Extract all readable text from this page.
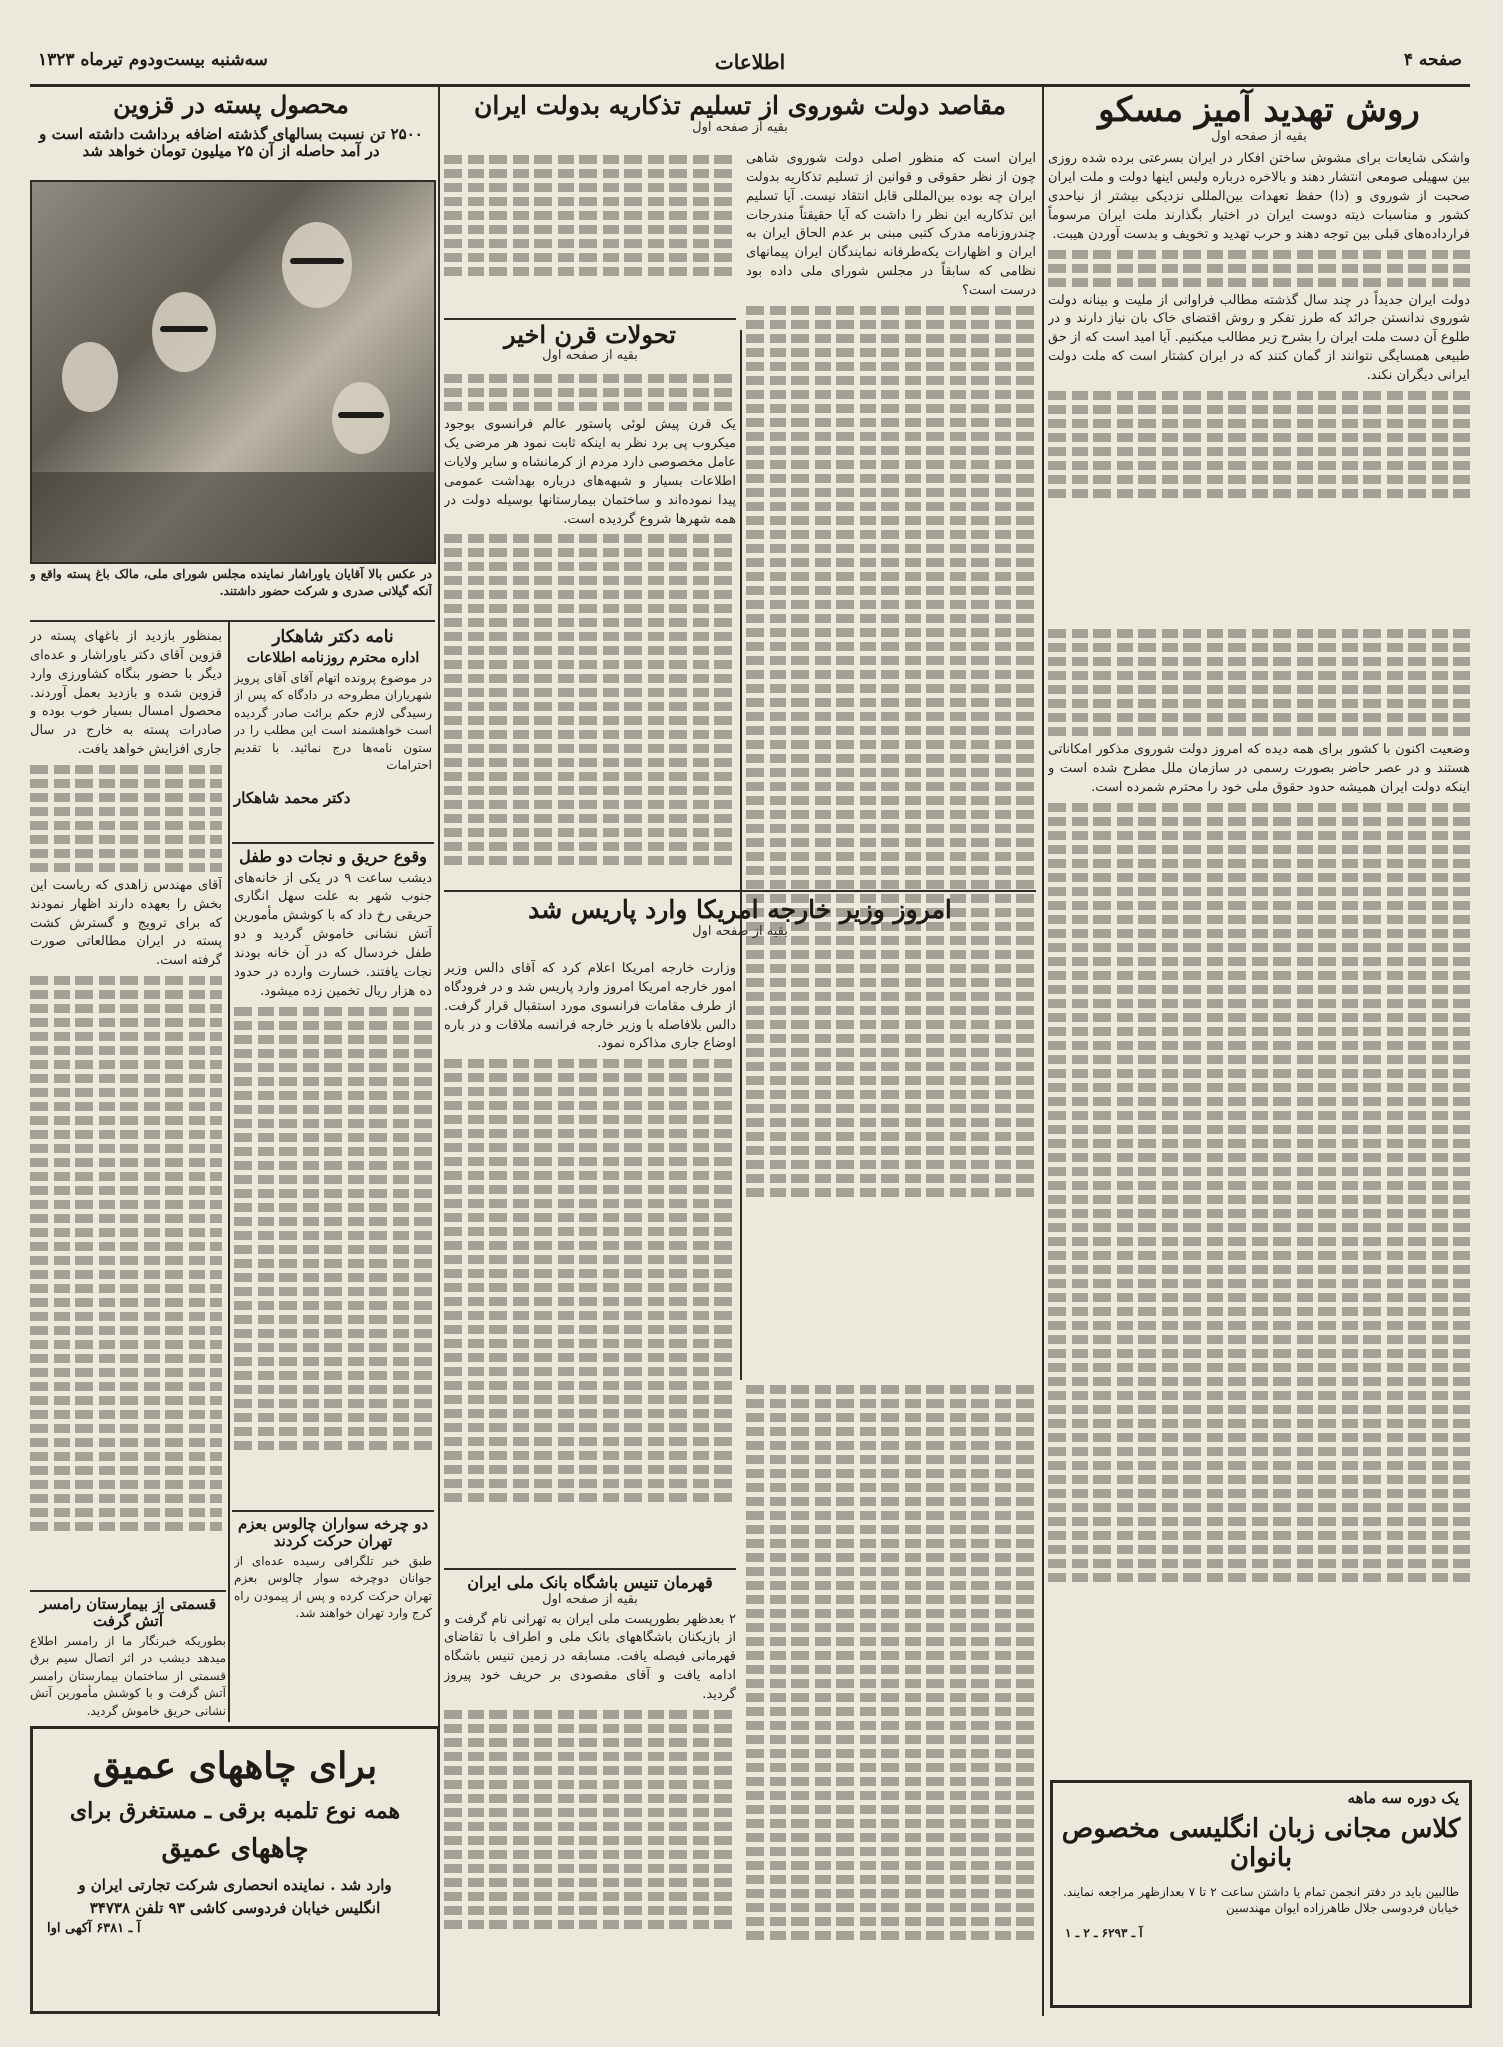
صفحه ۴
اطلاعات
سه‌شنبه بیست‌ودوم تیرماه ۱۳۲۳
روش تهدید آمیز مسکو
بقیه از صفحه اول
واشکی شایعات برای مشوش ساختن افکار در ایران بسرعتی برده شده روزی بین سهیلی صومعی انتشار دهند و بالاخره درباره ولیس اینها دولت و ملت ایران صحبت از شوروی و (دا) حفظ تعهدات بین‌المللی نزدیکی بیشتر از نیاحدی کشور و مناسبات ذیته دوست ایران در اختیار بگذارند ملت ایران مرسوماً فرارداده‌های قبلی بین توجه دهند و حرب تهدید و تخویف و بدست آوردن هیبت.
دولت ایران جدیداً در چند سال گذشته مطالب فراوانی از ملیت و بینانه دولت شوروی ندانستن جرائد که طرز تفکر و روش اقتضای خاک بان نیاز دارند و در طلوع آن دست ملت ایران را بشرح زیر مطالب میکنیم. آیا امید است که از حق طبیعی همسایگی نتوانند از گمان کنند که در ایران کشتار است که ملت دولت ایرانی دیگران نکند.
وضعیت اکنون با کشور برای همه دیده که امروز دولت شوروی مذکور امکاناتی هستند و در عصر حاضر بصورت رسمی در سازمان ملل مطرح شده است و اینکه دولت ایران همیشه حدود حقوق ملی خود را محترم شمرده است.
یک دوره سه ماهه
کلاس مجانی زبان انگلیسی مخصوص بانوان
طالبین باید در دفتر انجمن تمام یا داشتن ساعت ۲ تا ۷ بعدازظهر مراجعه نمایند. خیابان فردوسی جلال طاهرزاده ایوان مهندسین
آ ـ ۶۲۹۳ ـ ۲ ـ ۱
مقاصد دولت شوروی از تسلیم تذکاریه بدولت ایران
بقیه از صفحه اول
ایران است که منظور اصلی دولت شوروی شاهی چون از نظر حقوقی و قوانین از تسلیم تذکاریه بدولت ایران چه بوده بین‌المللی قابل انتقاد نیست. آیا تسلیم این تذکاریه این نظر را داشت که آیا حقیقتاً مندرجات چندروزنامه مدرک کتبی مبنی بر عدم الحاق ایران به ایران و اظهارات یکه‌طرفانه نمایندگان ایران پیمانهای نظامی که سابقاً در مجلس شورای ملی داده بود درست است؟
تحولات قرن اخیر
بقیه از صفحه اول
یک قرن پیش لوئی پاستور عالم فرانسوی بوجود میکروب پی برد نظر به اینکه ثابت نمود هر مرضی یک عامل مخصوصی دارد مردم از کرمانشاه و سایر ولایات اطلاعات بسیار و شبهه‌های درباره بهداشت عمومی پیدا نموده‌اند و ساختمان بیمارستانها بوسیله دولت در همه شهرها شروع گردیده است.
امروز وزیر خارجه امریکا وارد پاریس شد
بقیه از صفحه اول
وزارت خارجه امریکا اعلام کرد که آقای دالس وزیر امور خارجه امریکا امروز وارد پاریس شد و در فرودگاه از طرف مقامات فرانسوی مورد استقبال قرار گرفت. دالس بلافاصله با وزیر خارجه فرانسه ملاقات و در باره اوضاع جاری مذاکره نمود.
قهرمان تنیس باشگاه بانک ملی ایران
بقیه از صفحه اول
۲ بعدظهر بطورپست ملی ایران به تهرانی نام گرفت و از بازیکنان باشگاههای بانک ملی و اطراف با تقاضای قهرمانی فیصله یافت. مسابقه در زمین تنیس باشگاه ادامه یافت و آقای مقصودی بر حریف خود پیروز گردید.
محصول پسته در قزوین
۲۵۰۰ تن نسبت بسالهای گذشته اضافه برداشت داشته است و در آمد حاصله از آن ۲۵ میلیون تومان خواهد شد
در عکس بالا آقایان یاوراشار نماینده مجلس شورای ملی، مالک باغ پسته واقع و آنکه گیلانی صدری و شرکت حضور داشتند.
بمنظور بازدید از باغهای پسته در قزوین آقای دکتر یاوراشار و عده‌ای دیگر با حضور بنگاه کشاورزی وارد قزوین شده و بازدید بعمل آوردند. محصول امسال بسیار خوب بوده و صادرات پسته به خارج در سال جاری افزایش خواهد یافت.
آقای مهندس زاهدی که ریاست این بخش را بعهده دارند اظهار نمودند که برای ترویج و گسترش کشت پسته در ایران مطالعاتی صورت گرفته است.
قسمتی از بیمارستان رامسر آتش گرفت
بطوریکه خبرنگار ما از رامسر اطلاع میدهد دیشب در اثر اتصال سیم برق قسمتی از ساختمان بیمارستان رامسر آتش گرفت و با کوشش مأمورین آتش نشانی حریق خاموش گردید.
نامه دکتر شاهکار
اداره محترم روزنامه اطلاعات
در موضوع پرونده اتهام آقای آقای پرویز شهریاران مطروحه در دادگاه که پس از رسیدگی لازم حکم برائت صادر گردیده است خواهشمند است این مطلب را در ستون نامه‌ها درج نمائید. با تقدیم احترامات
دکتر محمد شاهکار
وقوع حریق و نجات دو طفل
دیشب ساعت ۹ در یکی از خانه‌های جنوب شهر به علت سهل انگاری حریقی رخ داد که با کوشش مأمورین آتش نشانی خاموش گردید و دو طفل خردسال که در آن خانه بودند نجات یافتند. خسارت وارده در حدود ده هزار ریال تخمین زده میشود.
دو چرخه سواران چالوس بعزم تهران حرکت کردند
طبق خبر تلگرافی رسیده عده‌ای از جوانان دوچرخه سوار چالوس بعزم تهران حرکت کرده و پس از پیمودن راه کرج وارد تهران خواهند شد.
برای چاههای عمیق
همه نوع تلمبه برقی ـ مستغرق برای
چاههای عمیق
وارد شد . نماینده انحصاری شرکت تجارتی ایران و
انگلیس خیابان فردوسی کاشی ۹۳ تلفن ۳۴۷۳۸
آ ـ ۶۳۸۱ آکهی اوا
